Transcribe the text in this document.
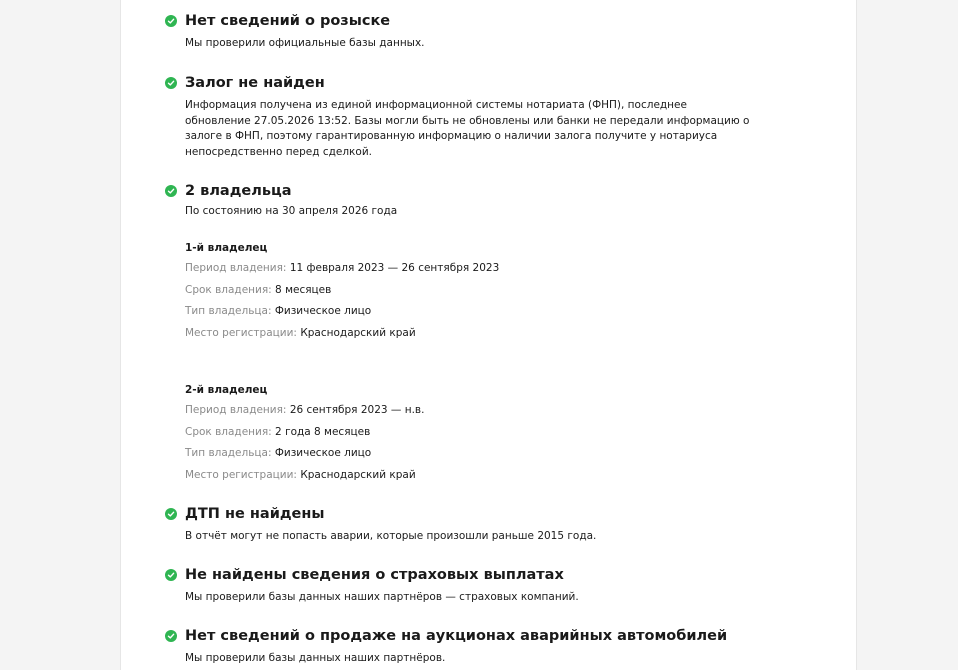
Нет сведений о розыске
Мы проверили официальные базы данных.
Залог не найден
Информация получена из единой информационной системы нотариата (ФНП), последнее
обновление 27.05.2026 13:52. Базы могли быть не обновлены или банки не передали информацию о
залоге в ФНП, поэтому гарантированную информацию о наличии залога получите у нотариуса
непосредственно перед сделкой.
2 владельца
По состоянию на 30 апреля 2026 года
1-й владелец
Период владения: 11 февраля 2023 — 26 сентября 2023
Срок владения: 8 месяцев
Тип владельца: Физическое лицо
Место регистрации: Краснодарский край
2-й владелец
Период владения: 26 сентября 2023 — н.в.
Срок владения: 2 года 8 месяцев
Тип владельца: Физическое лицо
Место регистрации: Краснодарский край
ДТП не найдены
В отчёт могут не попасть аварии, которые произошли раньше 2015 года.
Не найдены сведения о страховых выплатах
Мы проверили базы данных наших партнёров — страховых компаний.
Нет сведений о продаже на аукционах аварийных автомобилей
Мы проверили базы данных наших партнёров.
